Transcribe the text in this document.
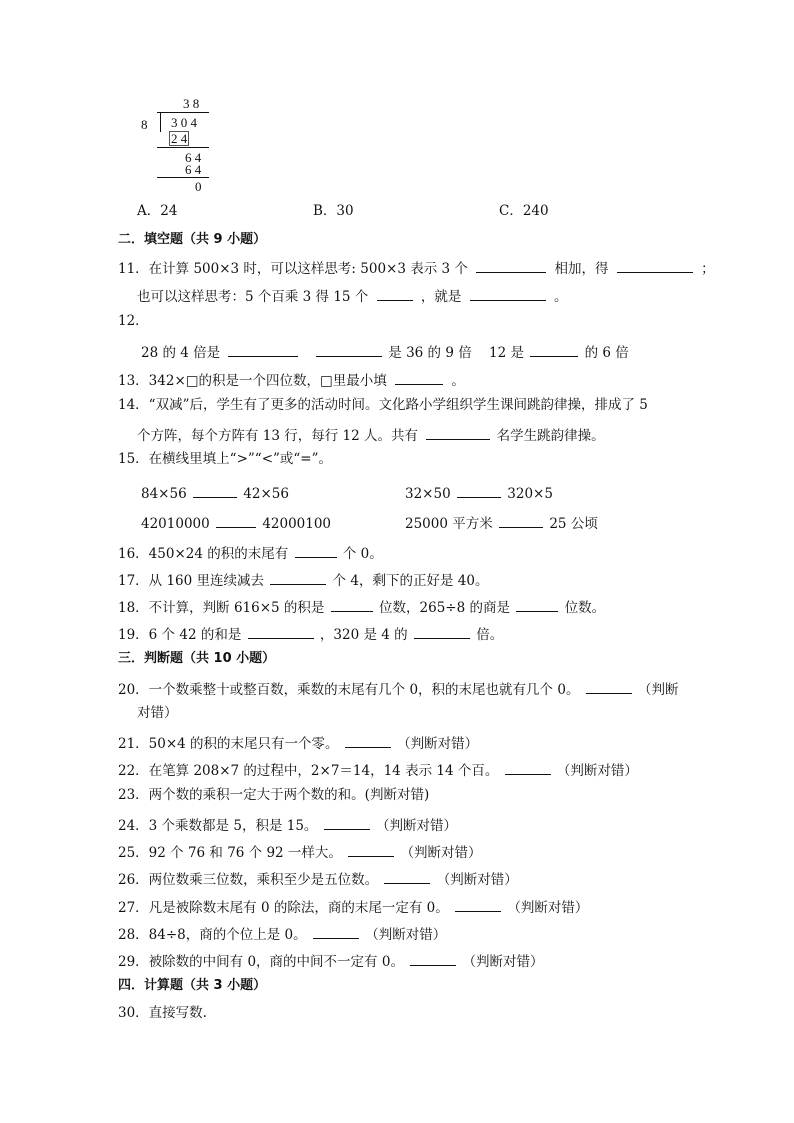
3 8
8 3 0 4
2 4
6 4
6 4
0
A．24	B．30	C．240
二．填空题（共 9 小题）
11．在计算 500×3 时，可以这样思考: 500×3 表示 3 个	相加，得	；
也可以这样思考：5 个百乘 3 得 15 个	，就是	。
12．
28 的 4 倍是	是 36 的 9 倍 12 是	的 6 倍
13．342×□的积是一个四位数，□里最小填	。
14．“双减”后，学生有了更多的活动时间。文化路小学组织学生课间跳韵律操，排成了 5
个方阵，每个方阵有 13 行，每行 12 人。共有	名学生跳韵律操。
15．在横线里填上“>”“<”或“=”。
84×56	42×56	32×50	320×5
42010000	42000100	25000 平方米	25 公顷
16．450×24 的积的末尾有	个 0。
17．从 160 里连续减去	个 4，剩下的正好是 40。
18．不计算，判断 616×5 的积是	位数，265÷8 的商是	位数。
19．6 个 42 的和是	，320 是 4 的	倍。
三．判断题（共 10 小题）
20．一个数乘整十或整百数，乘数的末尾有几个 0，积的末尾也就有几个 0。	（判断
对错）
21．50×4 的积的末尾只有一个零。	（判断对错）
22．在笔算 208×7 的过程中，2×7＝14，14 表示 14 个百。	（判断对错）
23．两个数的乘积一定大于两个数的和。(判断对错)
24．3 个乘数都是 5，积是 15。	（判断对错）
25．92 个 76 和 76 个 92 一样大。	（判断对错）
26．两位数乘三位数，乘积至少是五位数。	（判断对错）
27．凡是被除数末尾有 0 的除法，商的末尾一定有 0。	（判断对错）
28．84÷8，商的个位上是 0。	（判断对错）
29．被除数的中间有 0，商的中间不一定有 0。	（判断对错）
四．计算题（共 3 小题）
30．直接写数.
